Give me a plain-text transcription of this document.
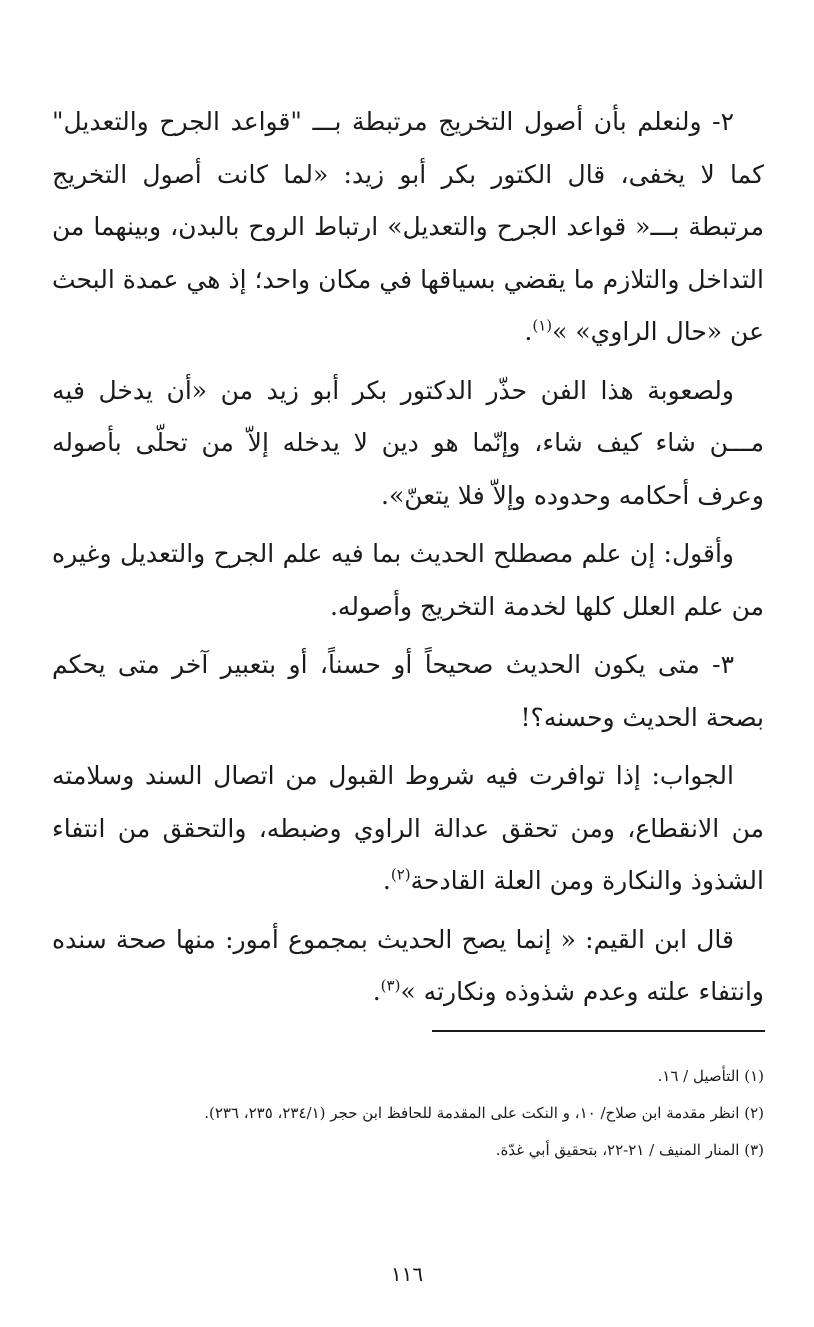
٢- ولنعلم بأن أصول التخريج مرتبطة بـــ "قواعد الجرح والتعديل" كما لا يخفى، قال الكتور بكر أبو زيد: «لما كانت أصول التخريج مرتبطة بـــ« قواعد الجرح والتعديل» ارتباط الروح بالبدن، وبينهما من التداخل والتلازم ما يقضي بسياقها في مكان واحد؛ إذ هي عمدة البحث عن «حال الراوي» »$^{(١)}$.

ولصعوبة هذا الفن حذّر الدكتور بكر أبو زيد من «أن يدخل فيه مـــن شاء كيف شاء، وإنّما هو دين لا يدخله إلاّ من تحلّى بأصوله وعرف أحكامه وحدوده وإلاّ فلا يتعنّ».

وأقول: إن علم مصطلح الحديث بما فيه علم الجرح والتعديل وغيره من علم العلل كلها لخدمة التخريج وأصوله.

٣- متى يكون الحديث صحيحاً أو حسناً، أو بتعبير آخر متى يحكم بصحة الحديث وحسنه؟!

الجواب: إذا توافرت فيه شروط القبول من اتصال السند وسلامته من الانقطاع، ومن تحقق عدالة الراوي وضبطه، والتحقق من انتفاء الشذوذ والنكارة ومن العلة القادحة$^{(٢)}$.

قال ابن القيم: « إنما يصح الحديث بمجموع أمور: منها صحة سنده وانتفاء علته وعدم شذوذه ونكارته »$^{(٣)}$.

(١) التأصيل / ١٦.

(٢) انظر مقدمة ابن صلاح/ ١٠، و النكت على المقدمة للحافظ ابن حجر (٢٣٤/١، ٢٣٥، ٢٣٦).

(٣) المنار المنيف / ٢١-٢٢، بتحقيق أبي غدّة.

١١٦
